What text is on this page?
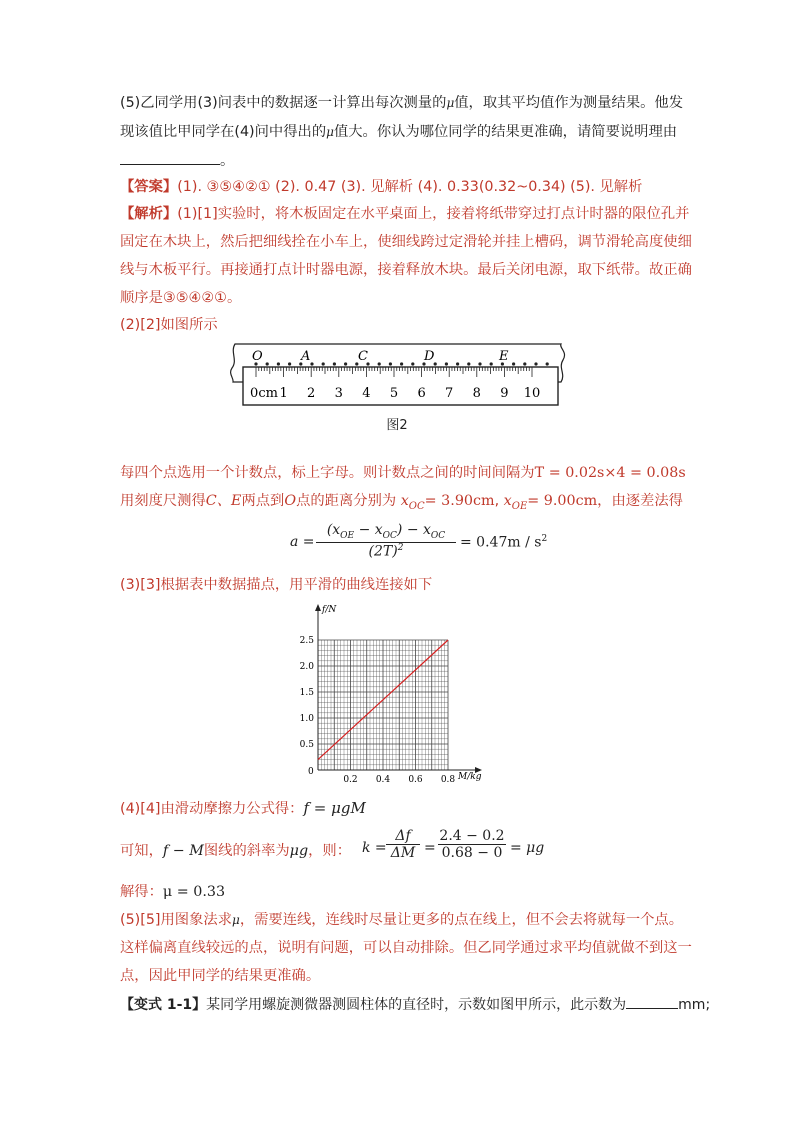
(5)乙同学用(3)问表中的数据逐一计算出每次测量的$^\mu$值，取其平均值作为测量结果。他发
现该值比甲同学在(4)问中得出的$^\mu$值大。你认为哪位同学的结果更准确，请简要说明理由
。
【答案】(1). ③⑤④②① (2). 0.47 (3). 见解析 (4). 0.33(0.32~0.34) (5). 见解析
【解析】(1)[1]实验时，将木板固定在水平桌面上，接着将纸带穿过打点计时器的限位孔并
固定在木块上，然后把细线拴在小车上，使细线跨过定滑轮并挂上槽码，调节滑轮高度使细
线与木板平行。再接通打点计时器电源，接着释放木块。最后关闭电源，取下纸带。故正确
顺序是③⑤④②①。
(2)[2]如图所示
O	A	C	D	E
0cm 1 2 3 4 5 6 7 8 9 10
图2
每四个点选用一个计数点，标上字母。则计数点之间的时间间隔为T = 0.02s×4 = 0.08s
用刻度尺测得C、E两点到O点的距离分别为 $x_{OC}= 3.90cm$, $x_{OE}= 9.00cm$，由逐差法得
a =
$(x_{OE} - x_{OC}) - x_{OC}$
$(2T)^2$	= $0.47m / s^2$
(3)[3]根据表中数据描点，用平滑的曲线连接如下
f/N
M/kg
0
0.2 0.4 0.6 0.8
0.5
1.0
1.5
2.0
2.5
(4)[4]由滑动摩擦力公式得：f = μgM
可知，f − M图线的斜率为μg，则： k =
Δf
ΔM =
2.4 − 0.2
0.68 − 0 = μg
解得：μ = 0.33
(5)[5]用图象法求$^\mu$，需要连线，连线时尽量让更多的点在线上，但不会去将就每一个点。
这样偏离直线较远的点，说明有问题，可以自动排除。但乙同学通过求平均值就做不到这一
点，因此甲同学的结果更准确。
【变式 1-1】某同学用螺旋测微器测圆柱体的直径时，示数如图甲所示，此示数为	mm;
